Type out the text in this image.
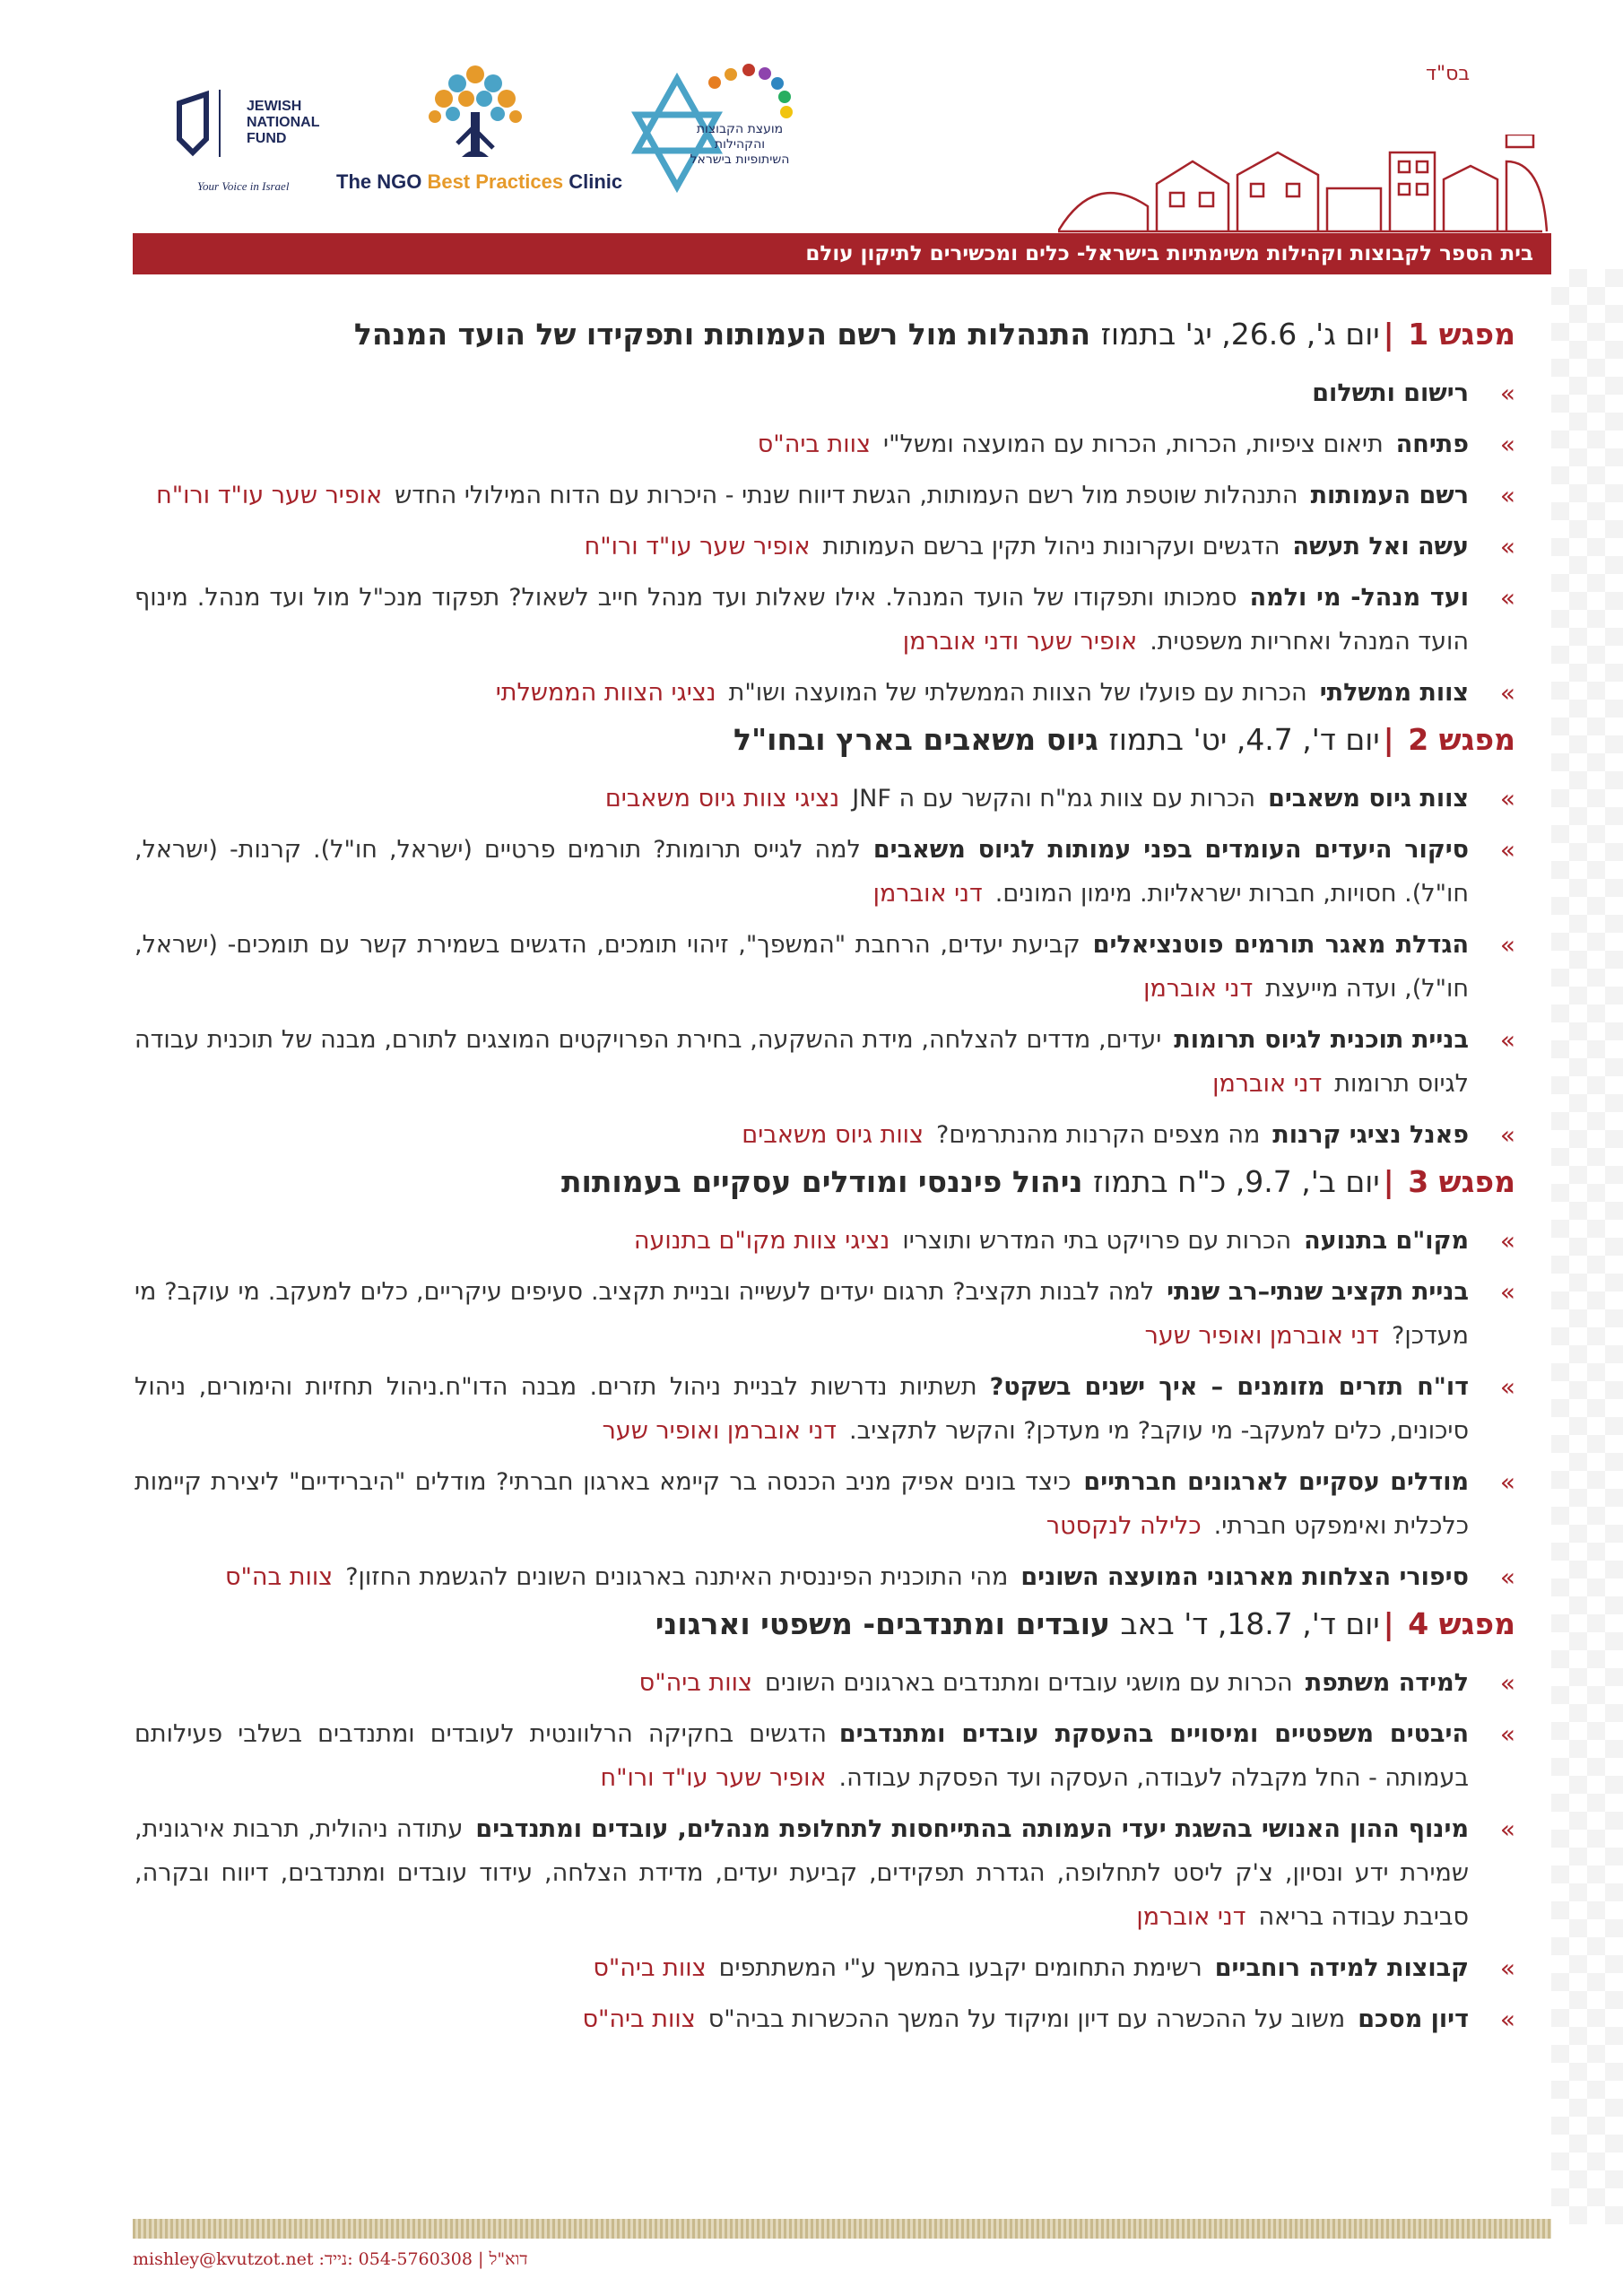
בס"ד
JEWISH
NATIONAL
FUND
Your Voice in Israel The NGO Best Practices Clinic
מועצת הקבוצות והקהילות
השיתופיות בישראל
בית הספר לקבוצות וקהילות משימתיות בישראל- כלים ומכשירים לתיקון עולם
מפגש 1 |יום ג', 26.6, יג' בתמוז התנהלות מול רשם העמותות ותפקידו של הועד המנהל
»
רישום ותשלום
»
פתיחהתיאום ציפיות, הכרות, הכרות עם המועצה ומשל"יצוות ביה"ס
»
רשם העמותותהתנהלות שוטפת מול רשם העמותות, הגשת דיווח שנתי - היכרות עם הדוח המילולי החדשאופיר שער עו"ד ורו"ח
»
עשה ואל תעשההדגשים ועקרונות ניהול תקין ברשם העמותותאופיר שער עו"ד ורו"ח
»
ועד מנהל- מי ולמהסמכותו ותפקודו של הועד המנהל. אילו שאלות ועד מנהל חייב לשאול? תפקוד מנכ"ל מול ועד מנהל. מינוף הועד המנהל ואחריות משפטית.אופיר שער ודני אוברמן
»
צוות ממשלתיהכרות עם פועלו של הצוות הממשלתי של המועצה ושו"תנציגי הצוות הממשלתי
מפגש 2 |יום ד', 4.7, יט' בתמוז גיוס משאבים בארץ ובחו"ל
»
צוות גיוס משאביםהכרות עם צוות גמ"ח והקשר עם ה JNFנציגי צוות גיוס משאבים
»
סיקור היעדים העומדים בפני עמותות לגיוס משאביםלמה לגייס תרומות? תורמים פרטיים (ישראל, חו"ל). קרנות- (ישראל, חו"ל). חסויות, חברות ישראליות. מימון המונים.דני אוברמן
»
הגדלת מאגר תורמים פוטנציאליםקביעת יעדים, הרחבת "המשפך", זיהוי תומכים, הדגשים בשמירת קשר עם תומכים- (ישראל, חו"ל), ועדה מייעצתדני אוברמן
»
בניית תוכנית לגיוס תרומותיעדים, מדדים להצלחה, מידת ההשקעה, בחירת הפרויקטים המוצגים לתורם, מבנה של תוכנית עבודה לגיוס תרומותדני אוברמן
»
פאנל נציגי קרנותמה מצפים הקרנות מהנתרמים?צוות גיוס משאבים
מפגש 3 |יום ב', 9.7, כ"ח בתמוז ניהול פיננסי ומודלים עסקיים בעמותות
»
מקו"ם בתנועההכרות עם פרויקט בתי המדרש ותוצריונציגי צוות מקו"ם בתנועה
»
בניית תקציב שנתי–רב שנתילמה לבנות תקציב? תרגום יעדים לעשייה ובניית תקציב. סעיפים עיקריים, כלים למעקב. מי עוקב? מי מעדכן?דני אוברמן ואופיר שער
»
דו"ח תזרים מזומנים – איך ישנים בשקט?תשתיות נדרשות לבניית ניהול תזרים. מבנה הדו"ח.ניהול תחזיות והימורים, ניהול סיכונים, כלים למעקב- מי עוקב? מי מעדכן? והקשר לתקציב.דני אוברמן ואופיר שער
»
מודלים עסקיים לארגונים חברתייםכיצד בונים אפיק מניב הכנסה בר קיימא בארגון חברתי? מודלים "היברידיים" ליצירת קיימות כלכלית ואימפקט חברתי.כלילה לנקסטר
»
סיפורי הצלחות מארגוני המועצה השוניםמהי התוכנית הפיננסית האיתנה בארגונים השונים להגשמת החזון?צוות בה"ס
מפגש 4 |יום ד', 18.7, ד' באב עובדים ומתנדבים- משפטי וארגוני
»
למידה משתפתהכרות עם מושגי עובדים ומתנדבים בארגונים השוניםצוות ביה"ס
»
היבטים משפטיים ומיסויים בהעסקת עובדים ומתנדביםהדגשים בחקיקה הרלוונטית לעובדים ומתנדבים בשלבי פעילותם בעמותה - החל מקבלה לעבודה, העסקה ועד הפסקת עבודה.אופיר שער עו"ד ורו"ח
»
מינוף ההון האנושי בהשגת יעדי העמותה בהתייחסות לתחלופת מנהלים, עובדים ומתנדביםעתודה ניהולית, תרבות אירגונית, שמירת ידע ונסיון, צ'ק ליסט לתחלופה, הגדרת תפקידים, קביעת יעדים, מדידת הצלחה, עידוד עובדים ומתנדבים, דיווח ובקרה, סביבת עבודה בריאהדני אוברמן
»
קבוצות למידה רוחבייםרשימת התחומים יקבעו בהמשך ע"י המשתתפיםצוות ביה"ס
»
דיון מסכםמשוב על ההכשרה עם דיון ומיקוד על המשך ההכשרות בביה"סצוות ביה"ס
mishley@kvutzot.net :דוא"ל | 054-5760308 :נייד
